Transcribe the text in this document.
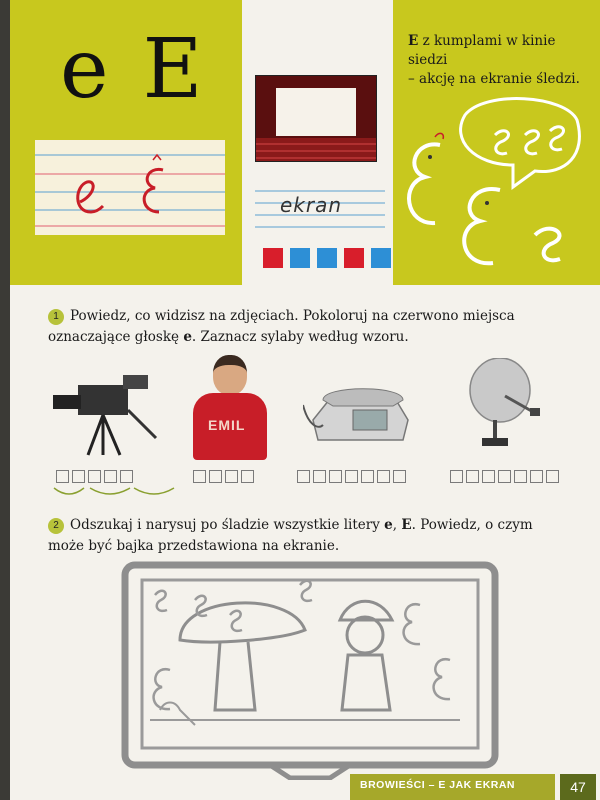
e E
ekran
E z kumplami w kinie siedzi
– akcję na ekranie śledzi.
1 Powiedz, co widzisz na zdjęciach. Pokoloruj na czerwono miejsca oznaczające głoskę e. Zaznacz sylaby według wzoru.
EMIL
2 Odszukaj i narysuj po śladzie wszystkie litery e, E. Powiedz, o czym może być bajka przedstawiona na ekranie.
BROWIEŚCI – E JAK EKRAN	47
